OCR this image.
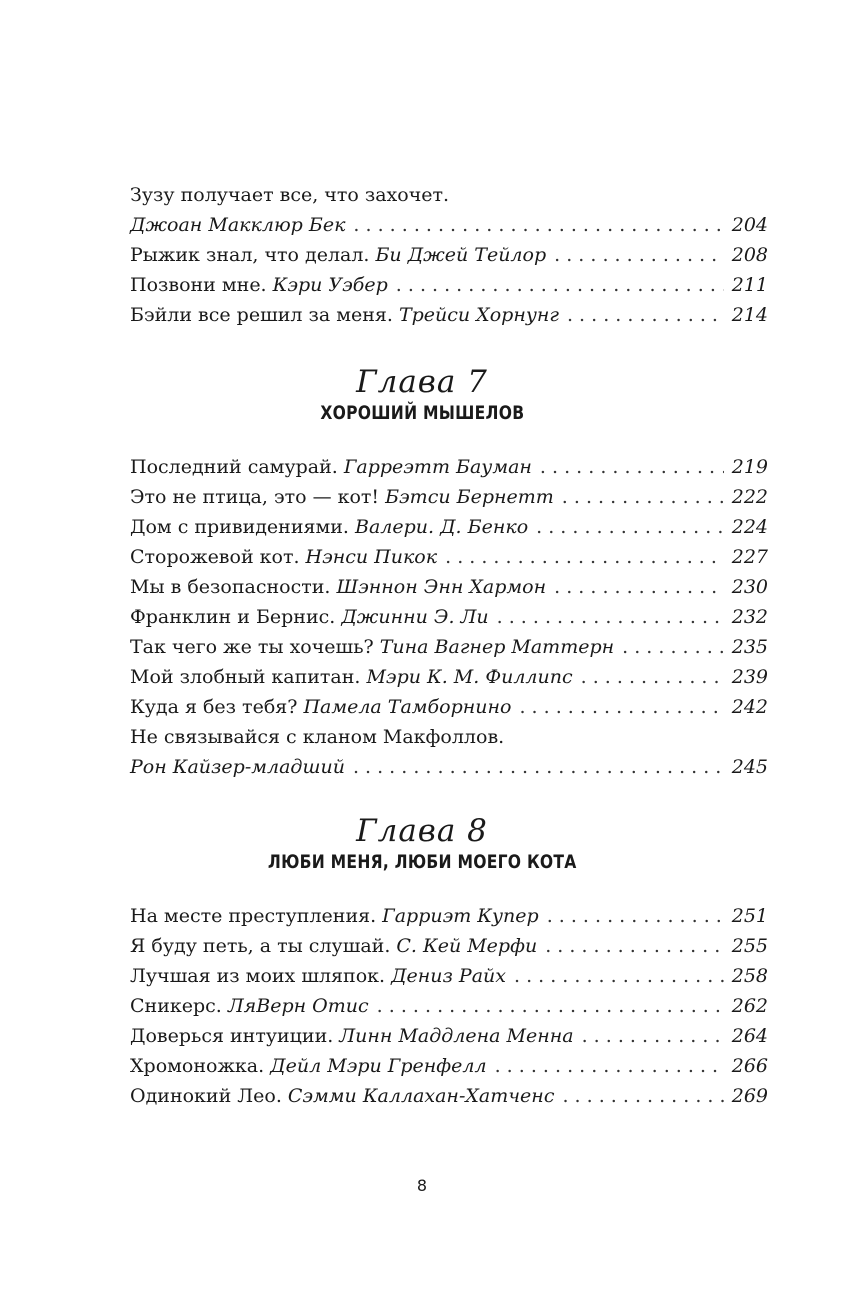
Зузу получает все, что захочет.
Джоан Макклюр Бек . . .	204
Рыжик знал, что делал. Би Джей Тейлор . . .	208
Позвони мне. Кэри Уэбер . . .	211
Бэйли все решил за меня. Трейси Хорнунг . . .	214
Глава 7
ХОРОШИЙ МЫШЕЛОВ
Последний самурай. Гарреэтт Бауман . . .	219
Это не птица, это — кот! Бэтси Бернетт . . .	222
Дом с привидениями. Валери. Д. Бенко . . .	224
Сторожевой кот. Нэнси Пикок . . .	227
Мы в безопасности. Шэннон Энн Хармон . . .	230
Франклин и Бернис. Джинни Э. Ли . . .	232
Так чего же ты хочешь? Тина Вагнер Маттерн . . .	235
Мой злобный капитан. Мэри К. М. Филлипс . . .	239
Куда я без тебя? Памела Тамборнино . . .	242
Не связывайся с кланом Макфоллов.
Рон Кайзер-младший . . .	245
Глава 8
ЛЮБИ МЕНЯ, ЛЮБИ МОЕГО КОТА
На месте преступления. Гарриэт Купер . . .	251
Я буду петь, а ты слушай. С. Кей Мерфи . . .	255
Лучшая из моих шляпок. Дениз Райх . . .	258
Сникерс. ЛяВерн Отис . . .	262
Доверься интуиции. Линн Маддлена Менна . . .	264
Хромоножка. Дейл Мэри Гренфелл . . .	266
Одинокий Лео. Сэмми Каллахан-Хатченс . . .	269
8
